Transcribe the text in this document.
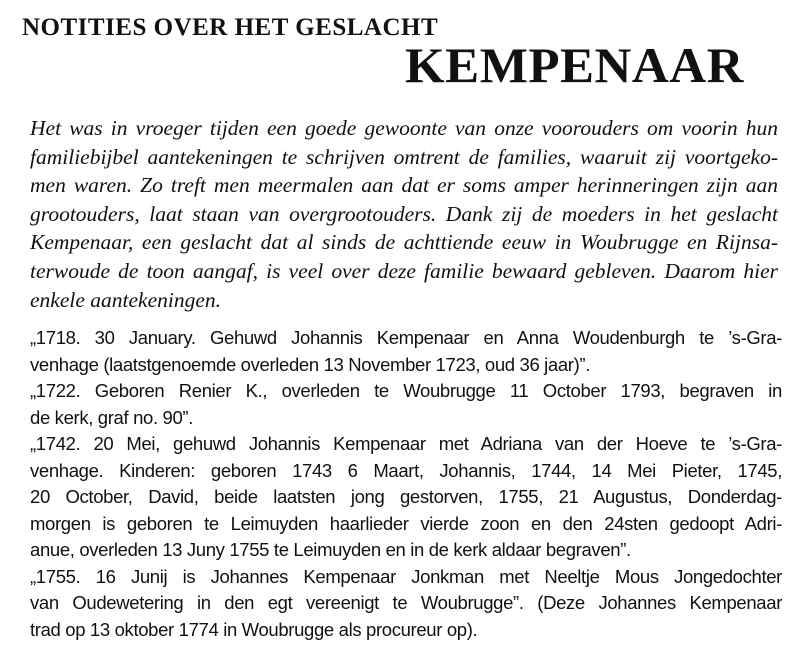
NOTITIES OVER HET GESLACHT
KEMPENAAR
Het was in vroeger tijden een goede gewoonte van onze voorouders om voorin hun
familiebijbel aantekeningen te schrijven omtrent de families, waaruit zij voortgeko-
men waren. Zo treft men meermalen aan dat er soms amper herinneringen zijn aan
grootouders, laat staan van overgrootouders. Dank zij de moeders in het geslacht
Kempenaar, een geslacht dat al sinds de achttiende eeuw in Woubrugge en Rijnsa-
terwoude de toon aangaf, is veel over deze familie bewaard gebleven. Daarom hier
enkele aantekeningen.
„1718. 30 January. Gehuwd Johannis Kempenaar en Anna Woudenburgh te ’s-Gra-
venhage (laatstgenoemde overleden 13 November 1723, oud 36 jaar)”.
„1722. Geboren Renier K., overleden te Woubrugge 11 October 1793, begraven in
de kerk, graf no. 90”.
„1742. 20 Mei, gehuwd Johannis Kempenaar met Adriana van der Hoeve te ’s-Gra-
venhage. Kinderen: geboren 1743 6 Maart, Johannis, 1744, 14 Mei Pieter, 1745,
20 October, David, beide laatsten jong gestorven, 1755, 21 Augustus, Donderdag-
morgen is geboren te Leimuyden haarlieder vierde zoon en den 24sten gedoopt Adri-
anue, overleden 13 Juny 1755 te Leimuyden en in de kerk aldaar begraven”.
„1755. 16 Junij is Johannes Kempenaar Jonkman met Neeltje Mous Jongedochter
van Oudewetering in den egt vereenigt te Woubrugge”. (Deze Johannes Kempenaar
trad op 13 oktober 1774 in Woubrugge als procureur op).
